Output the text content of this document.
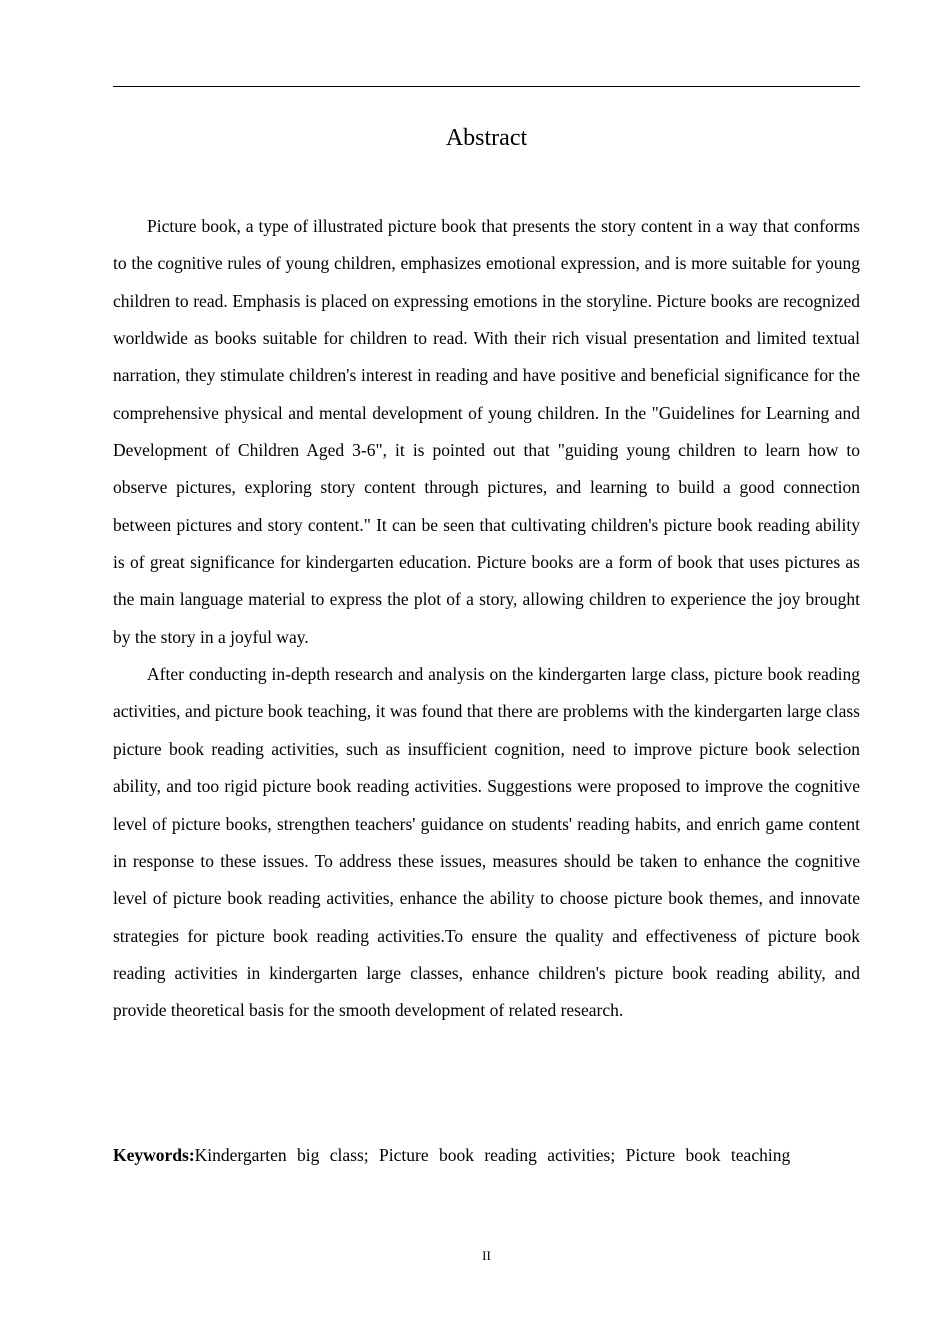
Abstract

Picture book, a type of illustrated picture book that presents the story content in a way that conforms to the cognitive rules of young children, emphasizes emotional expression, and is more suitable for young children to read. Emphasis is placed on expressing emotions in the storyline. Picture books are recognized worldwide as books suitable for children to read. With their rich visual presentation and limited textual narration, they stimulate children's interest in reading and have positive and beneficial significance for the comprehensive physical and mental development of young children. In the "Guidelines for Learning and Development of Children Aged 3-6", it is pointed out that "guiding young children to learn how to observe pictures, exploring story content through pictures, and learning to build a good connection between pictures and story content." It can be seen that cultivating children's picture book reading ability is of great significance for kindergarten education. Picture books are a form of book that uses pictures as the main language material to express the plot of a story, allowing children to experience the joy brought by the story in a joyful way.

After conducting in-depth research and analysis on the kindergarten large class, picture book reading activities, and picture book teaching, it was found that there are problems with the kindergarten large class picture book reading activities, such as insufficient cognition, need to improve picture book selection ability, and too rigid picture book reading activities. Suggestions were proposed to improve the cognitive level of picture books, strengthen teachers' guidance on students' reading habits, and enrich game content in response to these issues. To address these issues, measures should be taken to enhance the cognitive level of picture book reading activities, enhance the ability to choose picture book themes, and innovate strategies for picture book reading activities.To ensure the quality and effectiveness of picture book reading activities in kindergarten large classes, enhance children's picture book reading ability, and provide theoretical basis for the smooth development of related research.

Keywords:Kindergarten big class; Picture book reading activities; Picture book teaching

II
